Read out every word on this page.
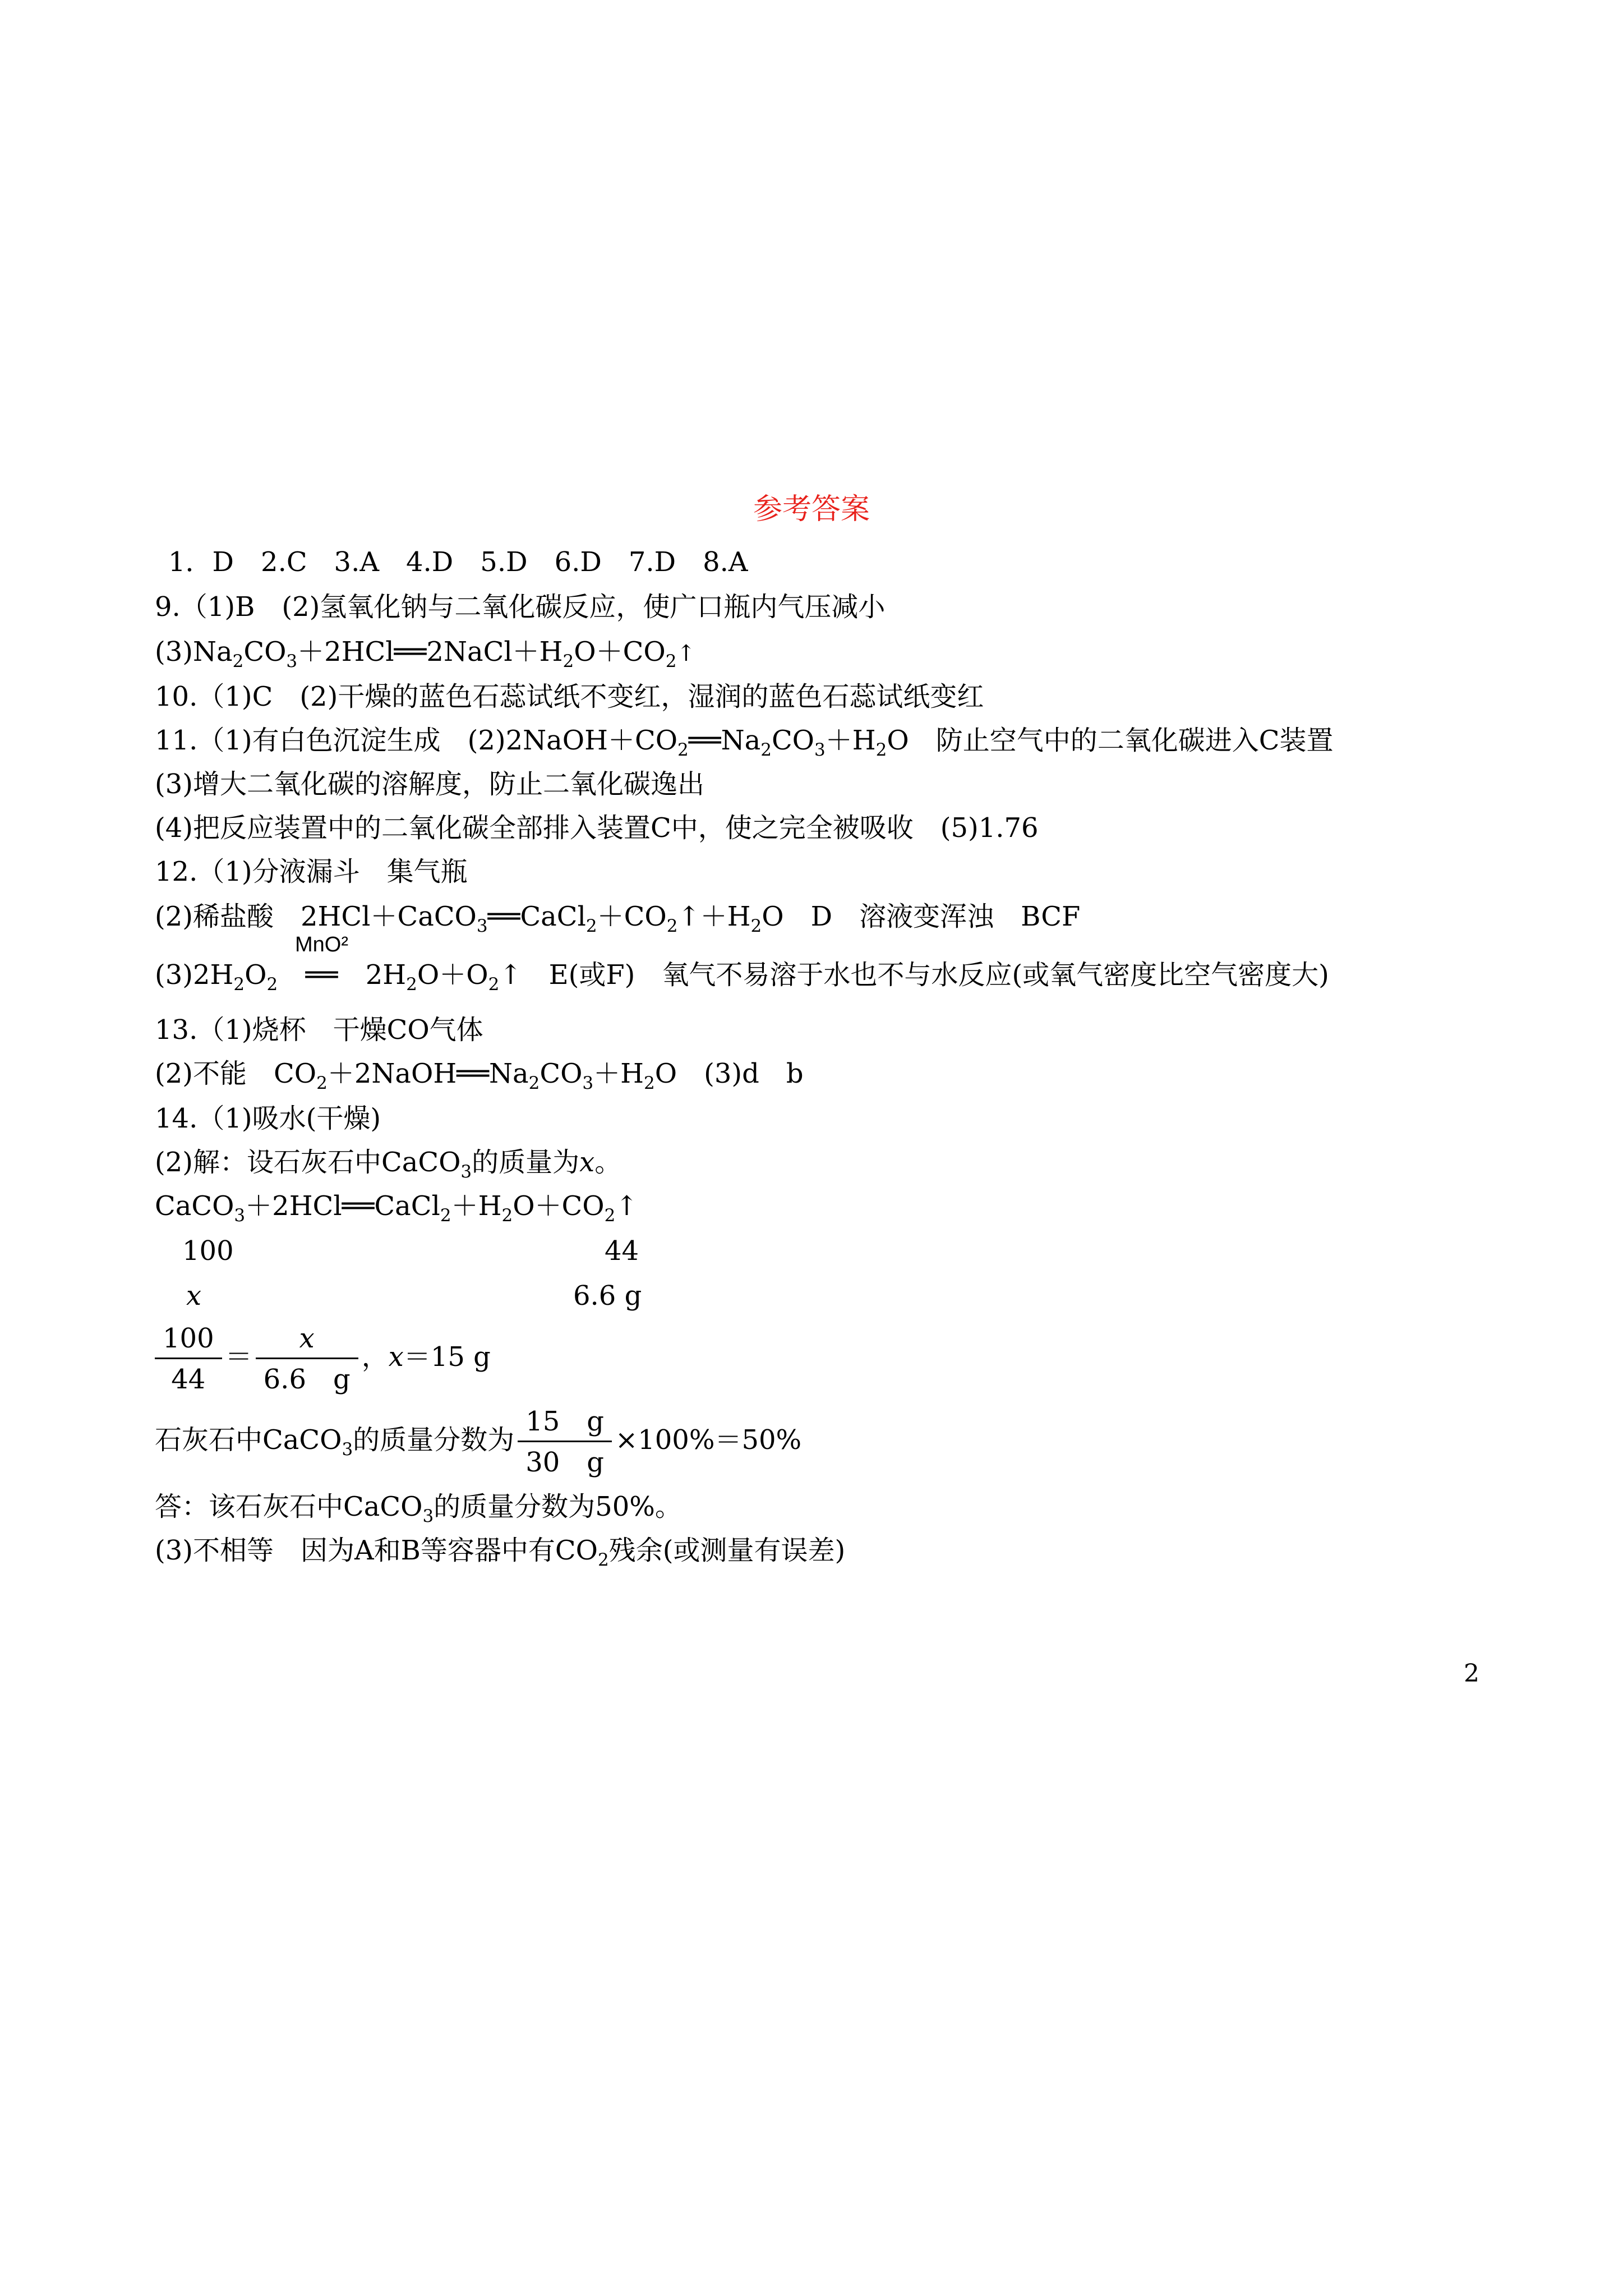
参考答案
1．D　2.C　3.A　4.D　5.D　6.D　7.D　8.A
9.（1)B　(2)氢氧化钠与二氧化碳反应，使广口瓶内气压减小
$(3)Na_2CO_3+2HCl══2NaCl+H_2O+CO_2↑$
10.（1)C　(2)干燥的蓝色石蕊试纸不变红，湿润的蓝色石蕊试纸变红
11.（1)有白色沉淀生成　$(2)2NaOH+CO_2══Na_2CO_3+H_2O$　防止空气中的二氧化碳进入C装置
(3)增大二氧化碳的溶解度，防止二氧化碳逸出
(4)把反应装置中的二氧化碳全部排入装置C中，使之完全被吸收　(5)1.76
12.（1)分液漏斗　集气瓶
(2)稀盐酸　$2HCl+CaCO_3══CaCl_2+CO_2↑+H_2O$　D　溶液变浑浊　BCF
$(3)2H_2O_2$
MnO²
══ $2H_2O+O_2↑$　E(或F)　氧气不易溶于水也不与水反应(或氧气密度比空气密度大)
13.（1)烧杯　干燥CO气体
(2)不能　$CO_2+2NaOH══Na_2CO_3+H_2O$　(3)d　b
14.（1)吸水(干燥)
(2)解：设石灰石中CaCO$_3$的质量为x。
$CaCO_3+2HCl══CaCl_2+H_2O+CO_2↑$
100	44
x	6.6 g
$\frac{100}{44} = \frac{x}{6.6 g}$ ，x＝15 g
石灰石中CaCO$_3$的质量分数为 $\frac{15 g}{30 g} \times 100\%=50\%$
答：该石灰石中CaCO$_3$的质量分数为50%。
(3)不相等　因为A和B等容器中有$CO_2$残余(或测量有误差)
2
